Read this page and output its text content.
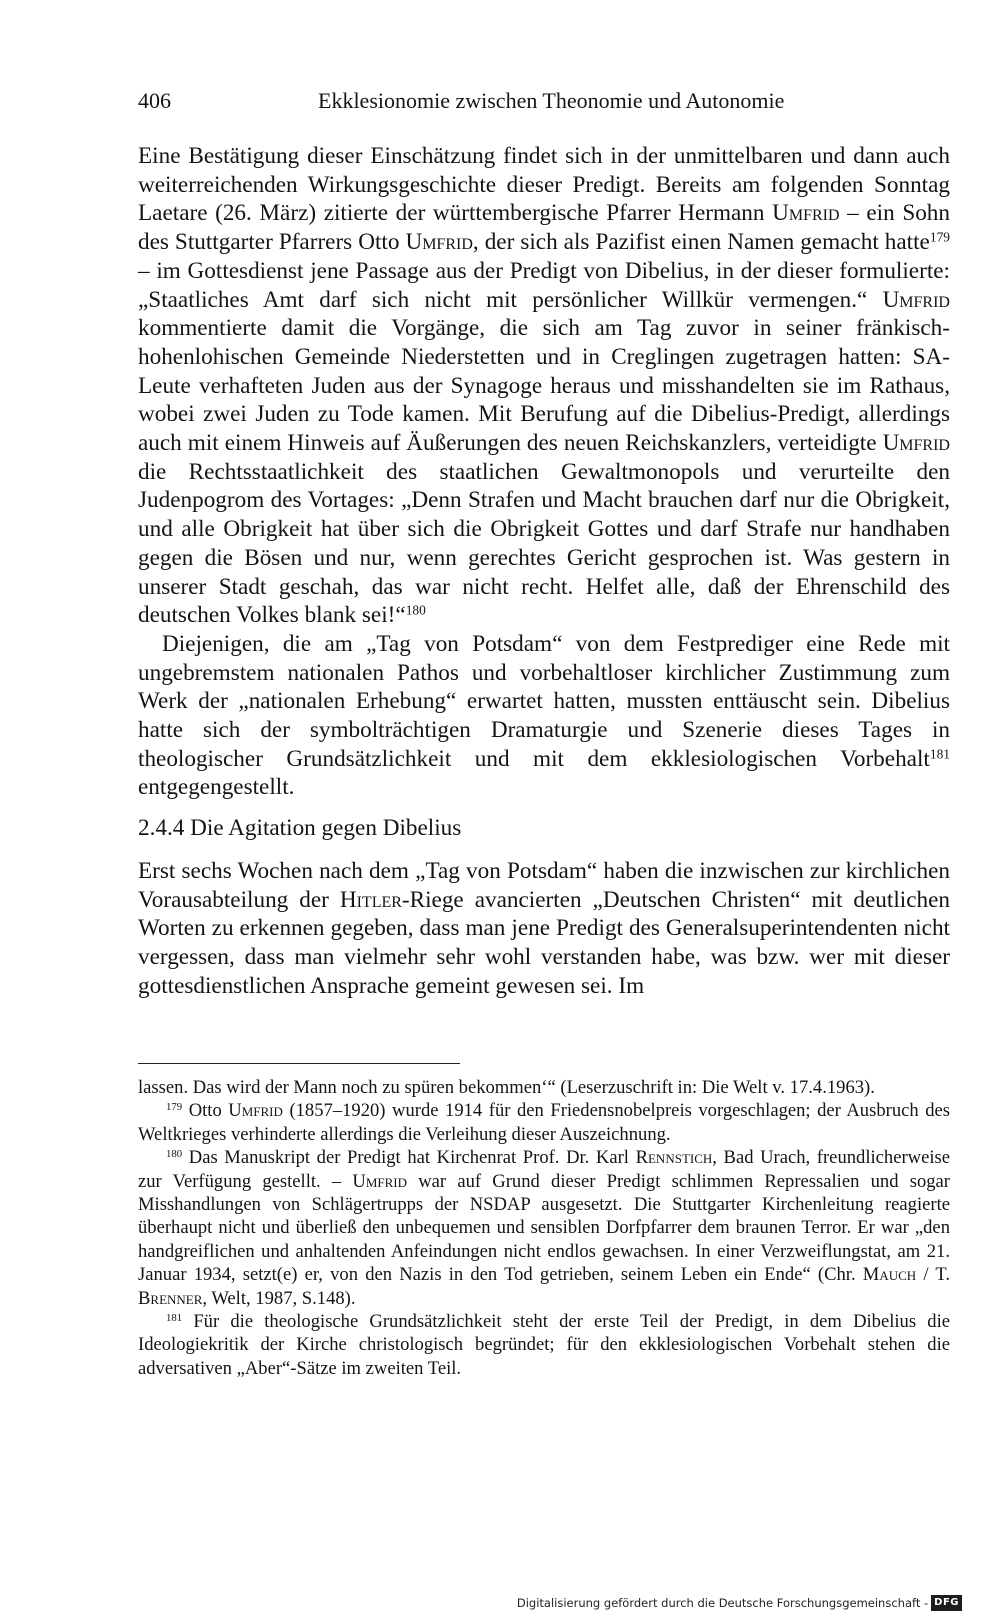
406	Ekklesionomie zwischen Theonomie und Autonomie

Eine Bestätigung dieser Einschätzung findet sich in der unmittelbaren und dann auch weiterreichenden Wirkungsgeschichte dieser Predigt. Bereits am folgenden Sonntag Laetare (26. März) zitierte der württembergische Pfarrer Hermann Umfrid – ein Sohn des Stuttgarter Pfarrers Otto Umfrid, der sich als Pazifist einen Namen gemacht hatte$^{179}$ – im Gottesdienst jene Passage aus der Predigt von Dibelius, in der dieser formulierte: „Staatliches Amt darf sich nicht mit persönlicher Willkür vermengen.“ Umfrid kommentierte damit die Vorgänge, die sich am Tag zuvor in seiner fränkisch-hohenlohischen Gemeinde Niederstetten und in Creglingen zugetragen hatten: SA-Leute verhafteten Juden aus der Synagoge heraus und misshandelten sie im Rathaus, wobei zwei Juden zu Tode kamen. Mit Berufung auf die Dibelius-Predigt, allerdings auch mit einem Hinweis auf Äußerungen des neuen Reichskanzlers, verteidigte Umfrid die Rechtsstaatlichkeit des staatlichen Gewaltmonopols und verurteilte den Judenpogrom des Vortages: „Denn Strafen und Macht brauchen darf nur die Obrigkeit, und alle Obrigkeit hat über sich die Obrigkeit Gottes und darf Strafe nur handhaben gegen die Bösen und nur, wenn gerechtes Gericht gesprochen ist. Was gestern in unserer Stadt geschah, das war nicht recht. Helfet alle, daß der Ehrenschild des deutschen Volkes blank sei!“$^{180}$

Diejenigen, die am „Tag von Potsdam“ von dem Festprediger eine Rede mit ungebremstem nationalen Pathos und vorbehaltloser kirchlicher Zustimmung zum Werk der „nationalen Erhebung“ erwartet hatten, mussten enttäuscht sein. Dibelius hatte sich der symbolträchtigen Dramaturgie und Szenerie dieses Tages in theologischer Grundsätzlichkeit und mit dem ekklesiologischen Vorbehalt$^{181}$ entgegengestellt.

2.4.4 Die Agitation gegen Dibelius

Erst sechs Wochen nach dem „Tag von Potsdam“ haben die inzwischen zur kirchlichen Vorausabteilung der Hitler-Riege avancierten „Deutschen Christen“ mit deutlichen Worten zu erkennen gegeben, dass man jene Predigt des Generalsuperintendenten nicht vergessen, dass man vielmehr sehr wohl verstanden habe, was bzw. wer mit dieser gottesdienstlichen Ansprache gemeint gewesen sei. Im

lassen. Das wird der Mann noch zu spüren bekommen‘“ (Leserzuschrift in: Die Welt v. 17.4.1963).

$^{179}$ Otto Umfrid (1857–1920) wurde 1914 für den Friedensnobelpreis vorgeschlagen; der Ausbruch des Weltkrieges verhinderte allerdings die Verleihung dieser Auszeichnung.

$^{180}$ Das Manuskript der Predigt hat Kirchenrat Prof. Dr. Karl Rennstich, Bad Urach, freundlicherweise zur Verfügung gestellt. – Umfrid war auf Grund dieser Predigt schlimmen Repressalien und sogar Misshandlungen von Schlägertrupps der NSDAP ausgesetzt. Die Stuttgarter Kirchenleitung reagierte überhaupt nicht und überließ den unbequemen und sensiblen Dorfpfarrer dem braunen Terror. Er war „den handgreiflichen und anhaltenden Anfeindungen nicht endlos gewachsen. In einer Verzweiflungstat, am 21. Januar 1934, setzt(e) er, von den Nazis in den Tod getrieben, seinem Leben ein Ende“ (Chr. Mauch / T. Brenner, Welt, 1987, S.148).

$^{181}$ Für die theologische Grundsätzlichkeit steht der erste Teil der Predigt, in dem Dibelius die Ideologiekritik der Kirche christologisch begründet; für den ekklesiologischen Vorbehalt stehen die adversativen „Aber“-Sätze im zweiten Teil.

Digitalisierung gefördert durch die Deutsche Forschungsgemeinschaft - DFG
